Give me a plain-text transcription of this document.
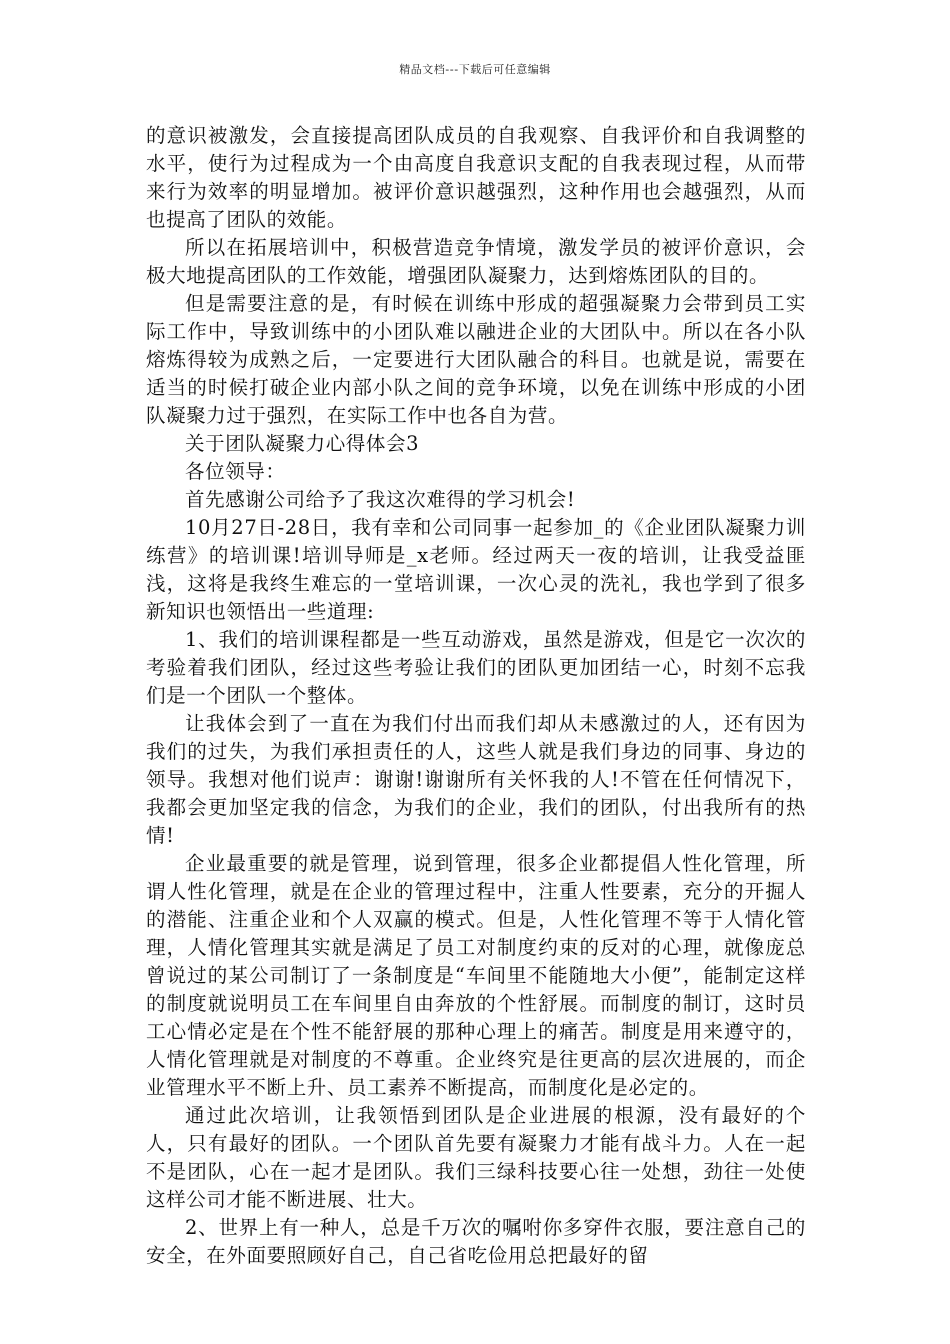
精品文档---下载后可任意编辑

的意识被激发，会直接提高团队成员的自我观察、自我评价和自我调整的水平，使行为过程成为一个由高度自我意识支配的自我表现过程，从而带来行为效率的明显增加。被评价意识越强烈，这种作用也会越强烈，从而也提高了团队的效能。

所以在拓展培训中，积极营造竞争情境，激发学员的被评价意识，会极大地提高团队的工作效能，增强团队凝聚力，达到熔炼团队的目的。

但是需要注意的是，有时候在训练中形成的超强凝聚力会带到员工实际工作中，导致训练中的小团队难以融进企业的大团队中。所以在各小队熔炼得较为成熟之后，一定要进行大团队融合的科目。也就是说，需要在适当的时候打破企业内部小队之间的竞争环境，以免在训练中形成的小团队凝聚力过于强烈，在实际工作中也各自为营。

关于团队凝聚力心得体会3

各位领导：

首先感谢公司给予了我这次难得的学习机会!

10月27日-28日，我有幸和公司同事一起参加_的《企业团队凝聚力训练营》的培训课!培训导师是_x老师。经过两天一夜的培训，让我受益匪浅，这将是我终生难忘的一堂培训课，一次心灵的洗礼，我也学到了很多新知识也领悟出一些道理:

1、我们的培训课程都是一些互动游戏，虽然是游戏，但是它一次次的考验着我们团队，经过这些考验让我们的团队更加团结一心，时刻不忘我们是一个团队一个整体。

让我体会到了一直在为我们付出而我们却从未感激过的人，还有因为我们的过失，为我们承担责任的人，这些人就是我们身边的同事、身边的领导。我想对他们说声：谢谢!谢谢所有关怀我的人!不管在任何情况下，我都会更加坚定我的信念，为我们的企业，我们的团队，付出我所有的热情!

企业最重要的就是管理，说到管理，很多企业都提倡人性化管理，所谓人性化管理，就是在企业的管理过程中，注重人性要素，充分的开掘人的潜能、注重企业和个人双赢的模式。但是，人性化管理不等于人情化管理，人情化管理其实就是满足了员工对制度约束的反对的心理，就像庞总曾说过的某公司制订了一条制度是“车间里不能随地大小便”，能制定这样的制度就说明员工在车间里自由奔放的个性舒展。而制度的制订，这时员工心情必定是在个性不能舒展的那种心理上的痛苦。制度是用来遵守的，人情化管理就是对制度的不尊重。企业终究是往更高的层次进展的，而企业管理水平不断上升、员工素养不断提高，而制度化是必定的。

通过此次培训，让我领悟到团队是企业进展的根源，没有最好的个人，只有最好的团队。一个团队首先要有凝聚力才能有战斗力。人在一起不是团队，心在一起才是团队。我们三绿科技要心往一处想，劲往一处使这样公司才能不断进展、壮大。

2、世界上有一种人，总是千万次的嘱咐你多穿件衣服，要注意自己的安全，在外面要照顾好自己，自己省吃俭用总把最好的留
